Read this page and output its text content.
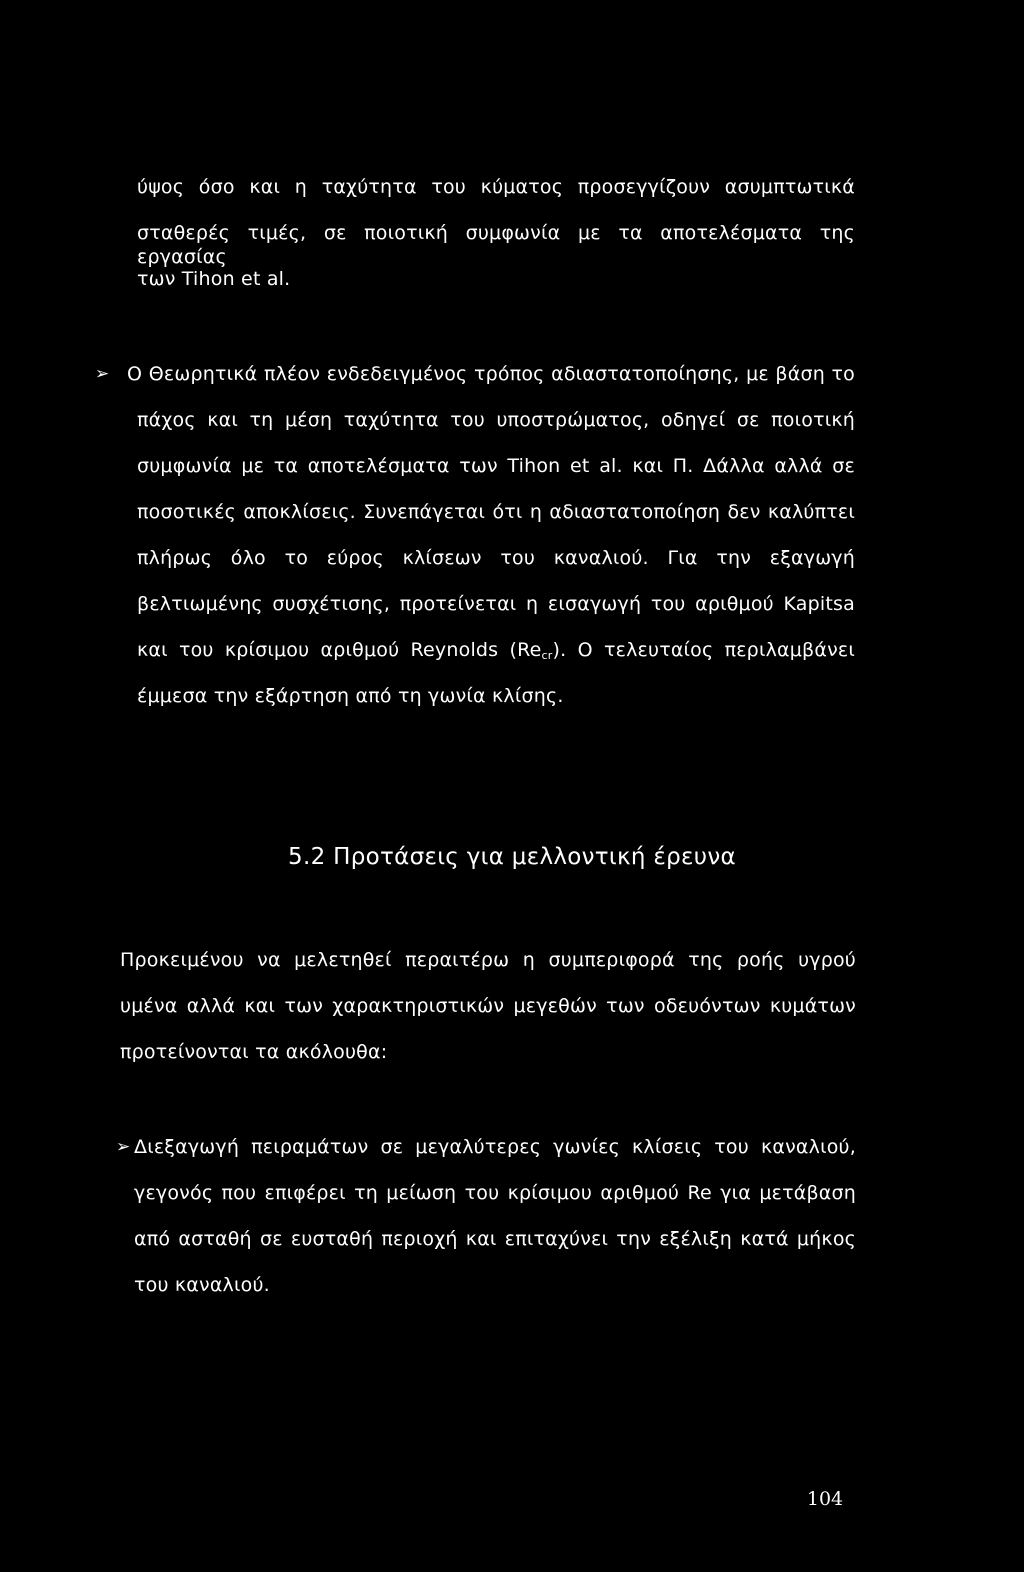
ύψος όσο και η ταχύτητα του κύματος προσεγγίζουν ασυμπτωτικά
σταθερές τιμές, σε ποιοτική συμφωνία με τα αποτελέσματα της εργασίας
των Tihon et al.
➢ Ο Θεωρητικά πλέον ενδεδειγμένος τρόπος αδιαστατοποίησης, με βάση το
πάχος και τη μέση ταχύτητα του υποστρώματος, οδηγεί σε ποιοτική
συμφωνία με τα αποτελέσματα των Tihon et al. και Π. Δάλλα αλλά σε
ποσοτικές αποκλίσεις. Συνεπάγεται ότι η αδιαστατοποίηση δεν καλύπτει
πλήρως όλο το εύρος κλίσεων του καναλιού. Για την εξαγωγή
βελτιωμένης συσχέτισης, προτείνεται η εισαγωγή του αριθμού Kapitsa
και του κρίσιμου αριθμού Reynolds $(Re_{cr})$. Ο τελευταίος περιλαμβάνει
έμμεσα την εξάρτηση από τη γωνία κλίσης.
5.2 Προτάσεις για μελλοντική έρευνα
Προκειμένου να μελετηθεί περαιτέρω η συμπεριφορά της ροής υγρού
υμένα αλλά και των χαρακτηριστικών μεγεθών των οδευόντων κυμάτων
προτείνονται τα ακόλουθα:
➢ Διεξαγωγή πειραμάτων σε μεγαλύτερες γωνίες κλίσεις του καναλιού,
γεγονός που επιφέρει τη μείωση του κρίσιμου αριθμού Re για μετάβαση
από ασταθή σε ευσταθή περιοχή και επιταχύνει την εξέλιξη κατά μήκος
του καναλιού.
104
